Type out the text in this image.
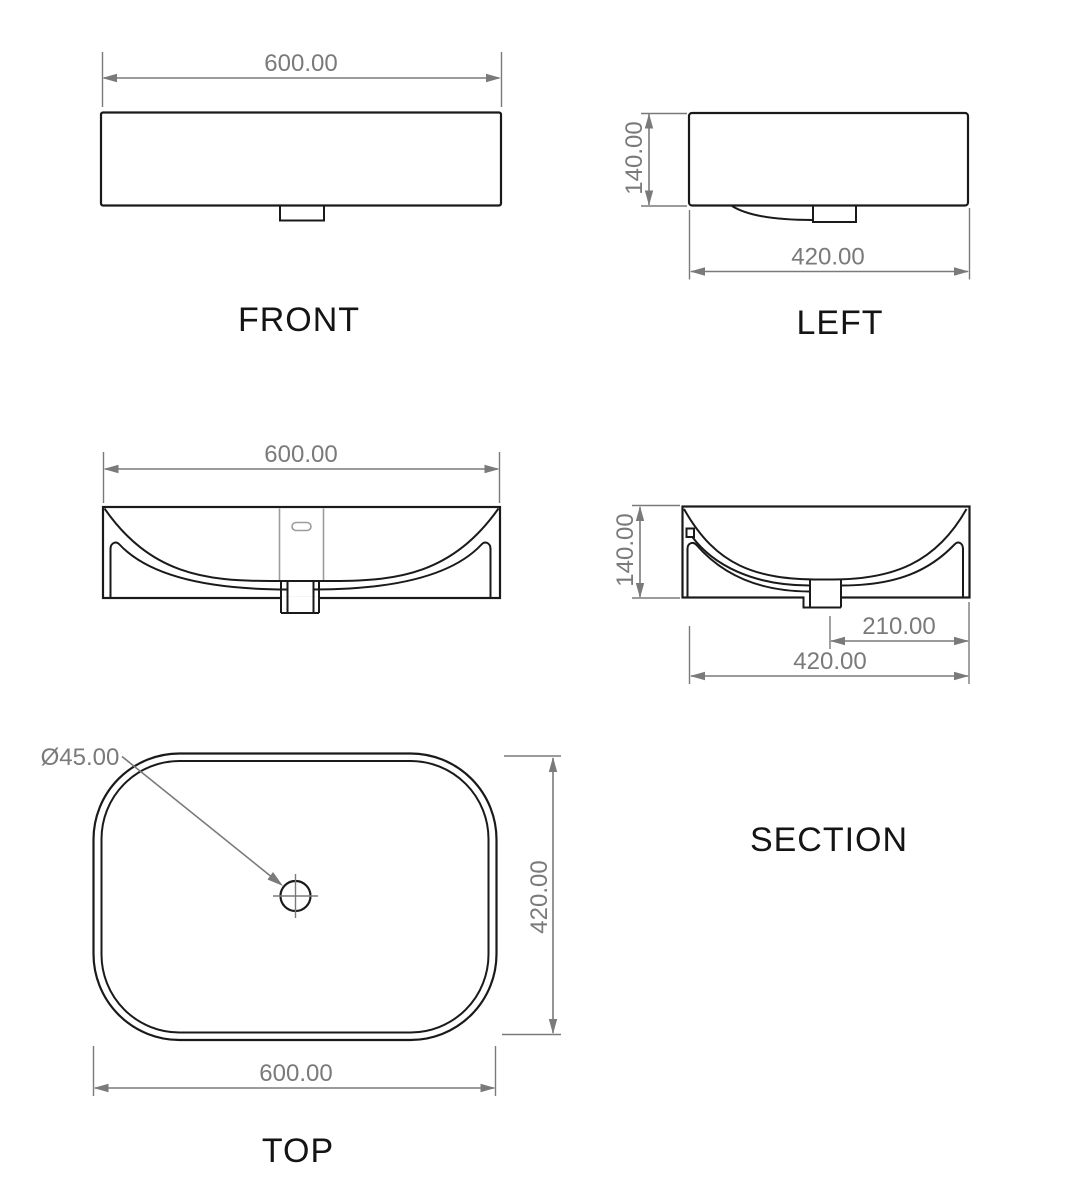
600.00
FRONT
140.00
420.00
LEFT
600.00
140.00
210.00
420.00
SECTION
Ø45.00
420.00
600.00
TOP
